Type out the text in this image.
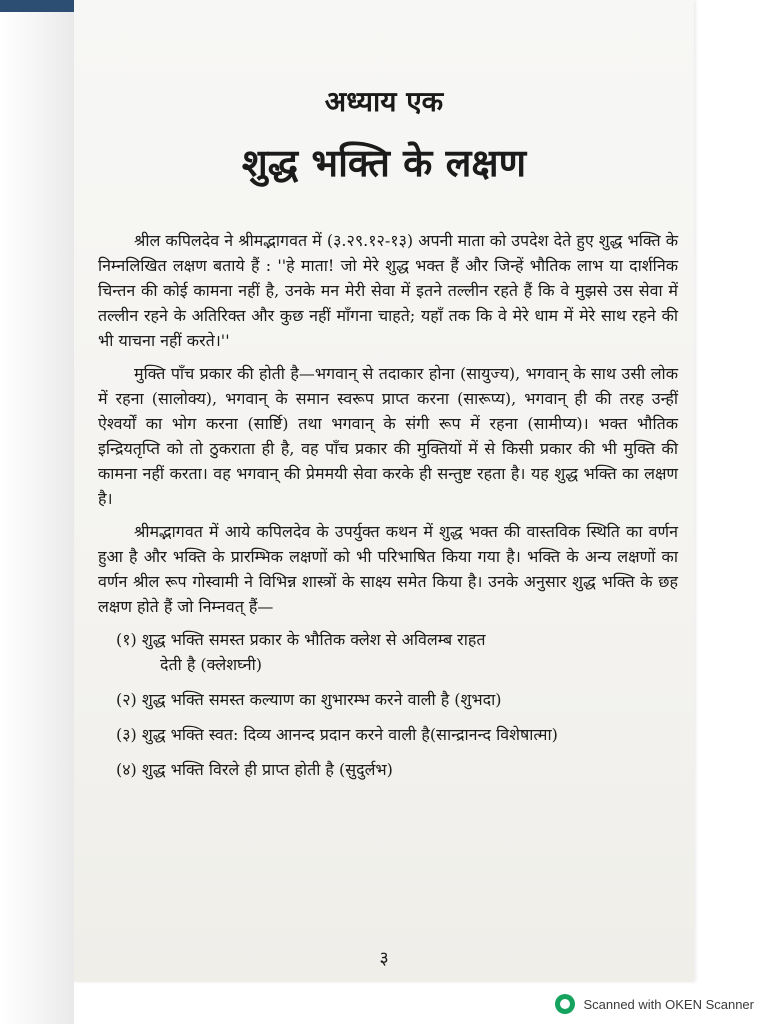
अध्याय एक
शुद्ध भक्ति के लक्षण

श्रील कपिलदेव ने श्रीमद्भागवत में (३.२९.१२-१३) अपनी माता को उपदेश देते हुए शुद्ध भक्ति के निम्नलिखित लक्षण बताये हैं : ''हे माता! जो मेरे शुद्ध भक्त हैं और जिन्हें भौतिक लाभ या दार्शनिक चिन्तन की कोई कामना नहीं है, उनके मन मेरी सेवा में इतने तल्लीन रहते हैं कि वे मुझसे उस सेवा में तल्लीन रहने के अतिरिक्त और कुछ नहीं माँगना चाहते; यहाँ तक कि वे मेरे धाम में मेरे साथ रहने की भी याचना नहीं करते।''

मुक्ति पाँच प्रकार की होती है—भगवान् से तदाकार होना (सायुज्य), भगवान् के साथ उसी लोक में रहना (सालोक्य), भगवान् के समान स्वरूप प्राप्त करना (सारूप्य), भगवान् ही की तरह उन्हीं ऐश्वर्यों का भोग करना (सार्ष्टि) तथा भगवान् के संगी रूप में रहना (सामीप्य)। भक्त भौतिक इन्द्रियतृप्ति को तो ठुकराता ही है, वह पाँच प्रकार की मुक्तियों में से किसी प्रकार की भी मुक्ति की कामना नहीं करता। वह भगवान् की प्रेममयी सेवा करके ही सन्तुष्ट रहता है। यह शुद्ध भक्ति का लक्षण है।

श्रीमद्भागवत में आये कपिलदेव के उपर्युक्त कथन में शुद्ध भक्त की वास्तविक स्थिति का वर्णन हुआ है और भक्ति के प्रारम्भिक लक्षणों को भी परिभाषित किया गया है। भक्ति के अन्य लक्षणों का वर्णन श्रील रूप गोस्वामी ने विभिन्न शास्त्रों के साक्ष्य समेत किया है। उनके अनुसार शुद्ध भक्ति के छह लक्षण होते हैं जो निम्नवत् हैं—

(१) शुद्ध भक्ति समस्त प्रकार के भौतिक क्लेश से अविलम्ब राहत
देती है (क्लेशघ्नी)
(२) शुद्ध भक्ति समस्त कल्याण का शुभारम्भ करने वाली है (शुभदा)
(३) शुद्ध भक्ति स्वत: दिव्य आनन्द प्रदान करने वाली है(सान्द्रानन्द विशेषात्मा)
(४) शुद्ध भक्ति विरले ही प्राप्त होती है (सुदुर्लभ)
३
Scanned with OKEN Scanner
